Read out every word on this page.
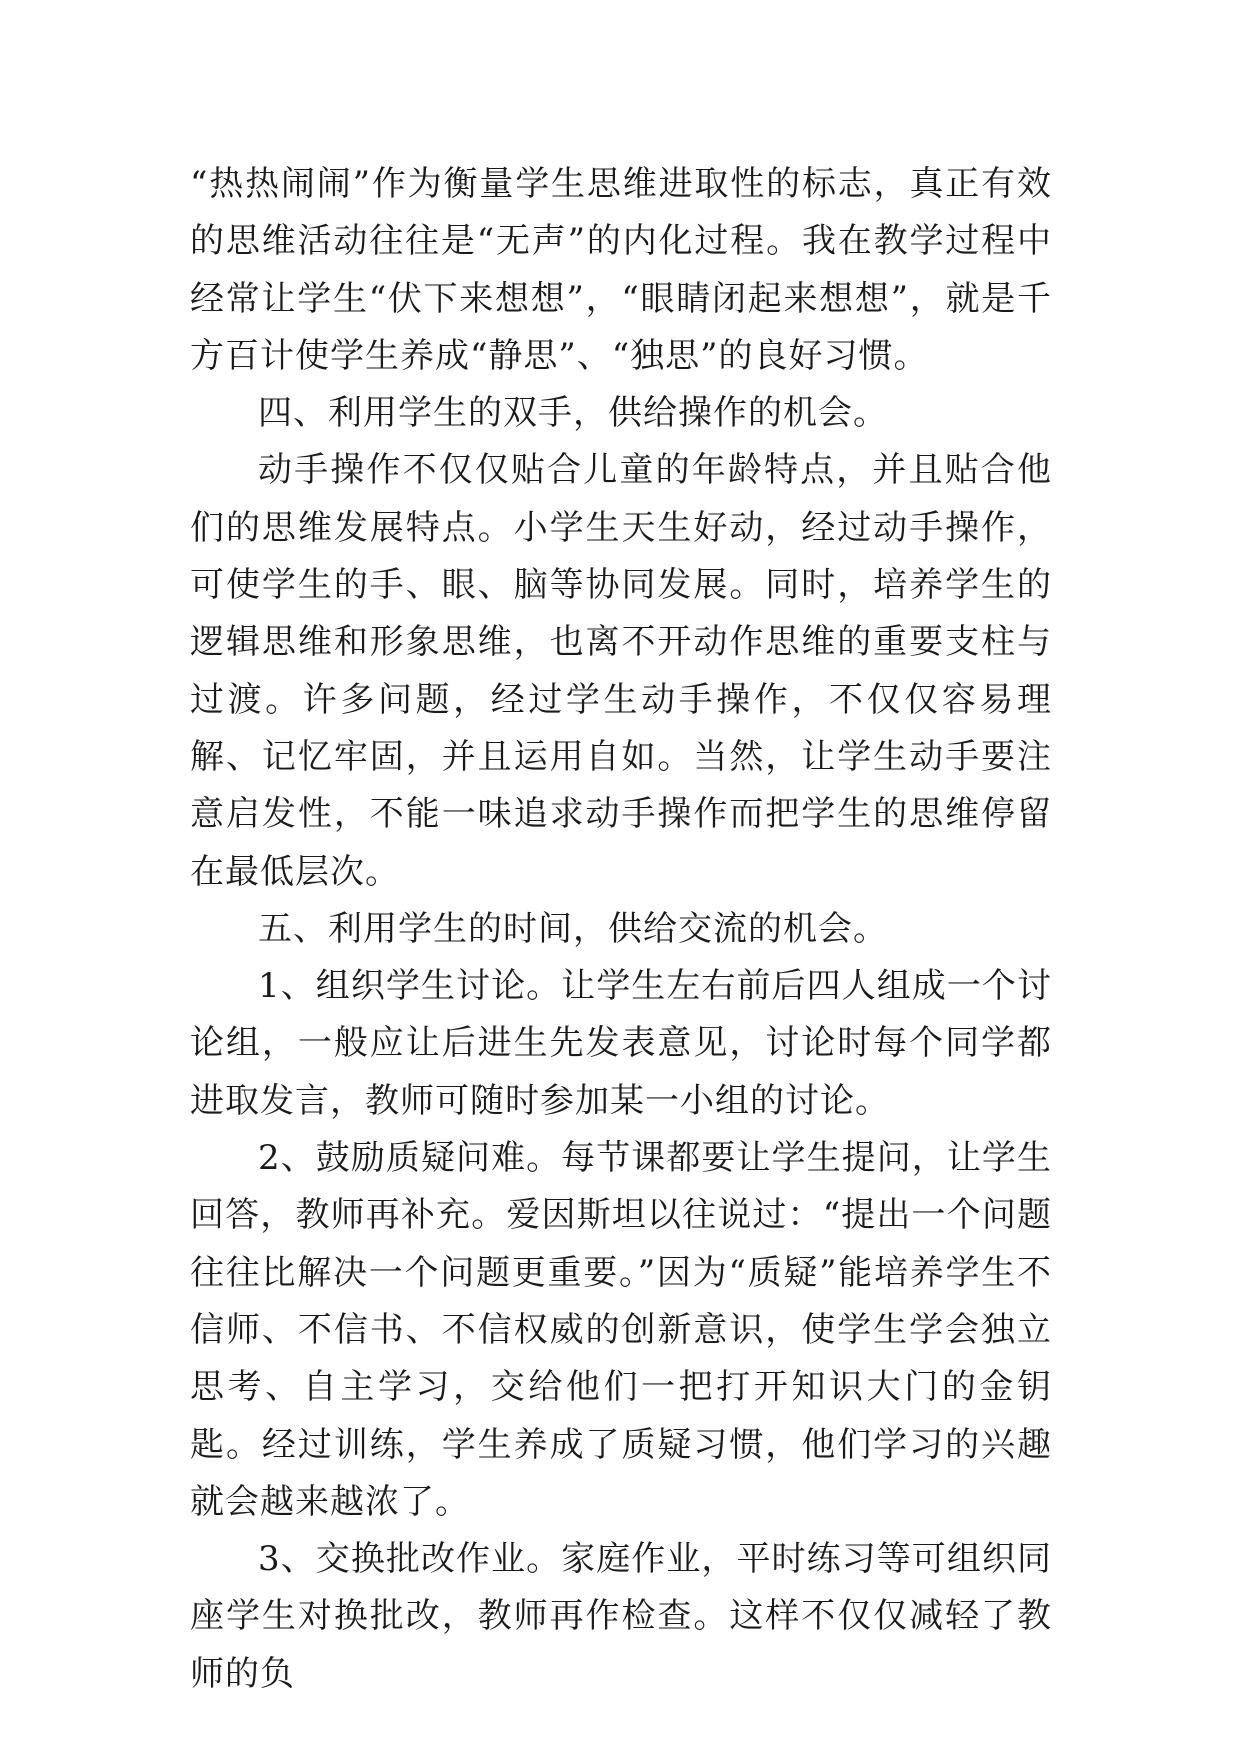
“热热闹闹”作为衡量学生思维进取性的标志，真正有效的思维活动往往是“无声”的内化过程。我在教学过程中经常让学生“伏下来想想”，“眼睛闭起来想想”，就是千方百计使学生养成“静思”、“独思”的良好习惯。

四、利用学生的双手，供给操作的机会。

动手操作不仅仅贴合儿童的年龄特点，并且贴合他们的思维发展特点。小学生天生好动，经过动手操作，可使学生的手、眼、脑等协同发展。同时，培养学生的逻辑思维和形象思维，也离不开动作思维的重要支柱与过渡。许多问题，经过学生动手操作，不仅仅容易理解、记忆牢固，并且运用自如。当然，让学生动手要注意启发性，不能一味追求动手操作而把学生的思维停留在最低层次。

五、利用学生的时间，供给交流的机会。

1、组织学生讨论。让学生左右前后四人组成一个讨论组，一般应让后进生先发表意见，讨论时每个同学都进取发言，教师可随时参加某一小组的讨论。

2、鼓励质疑问难。每节课都要让学生提问，让学生回答，教师再补充。爱因斯坦以往说过：“提出一个问题往往比解决一个问题更重要。”因为“质疑”能培养学生不信师、不信书、不信权威的创新意识，使学生学会独立思考、自主学习，交给他们一把打开知识大门的金钥匙。经过训练，学生养成了质疑习惯，他们学习的兴趣就会越来越浓了。

3、交换批改作业。家庭作业，平时练习等可组织同座学生对换批改，教师再作检查。这样不仅仅减轻了教师的负
